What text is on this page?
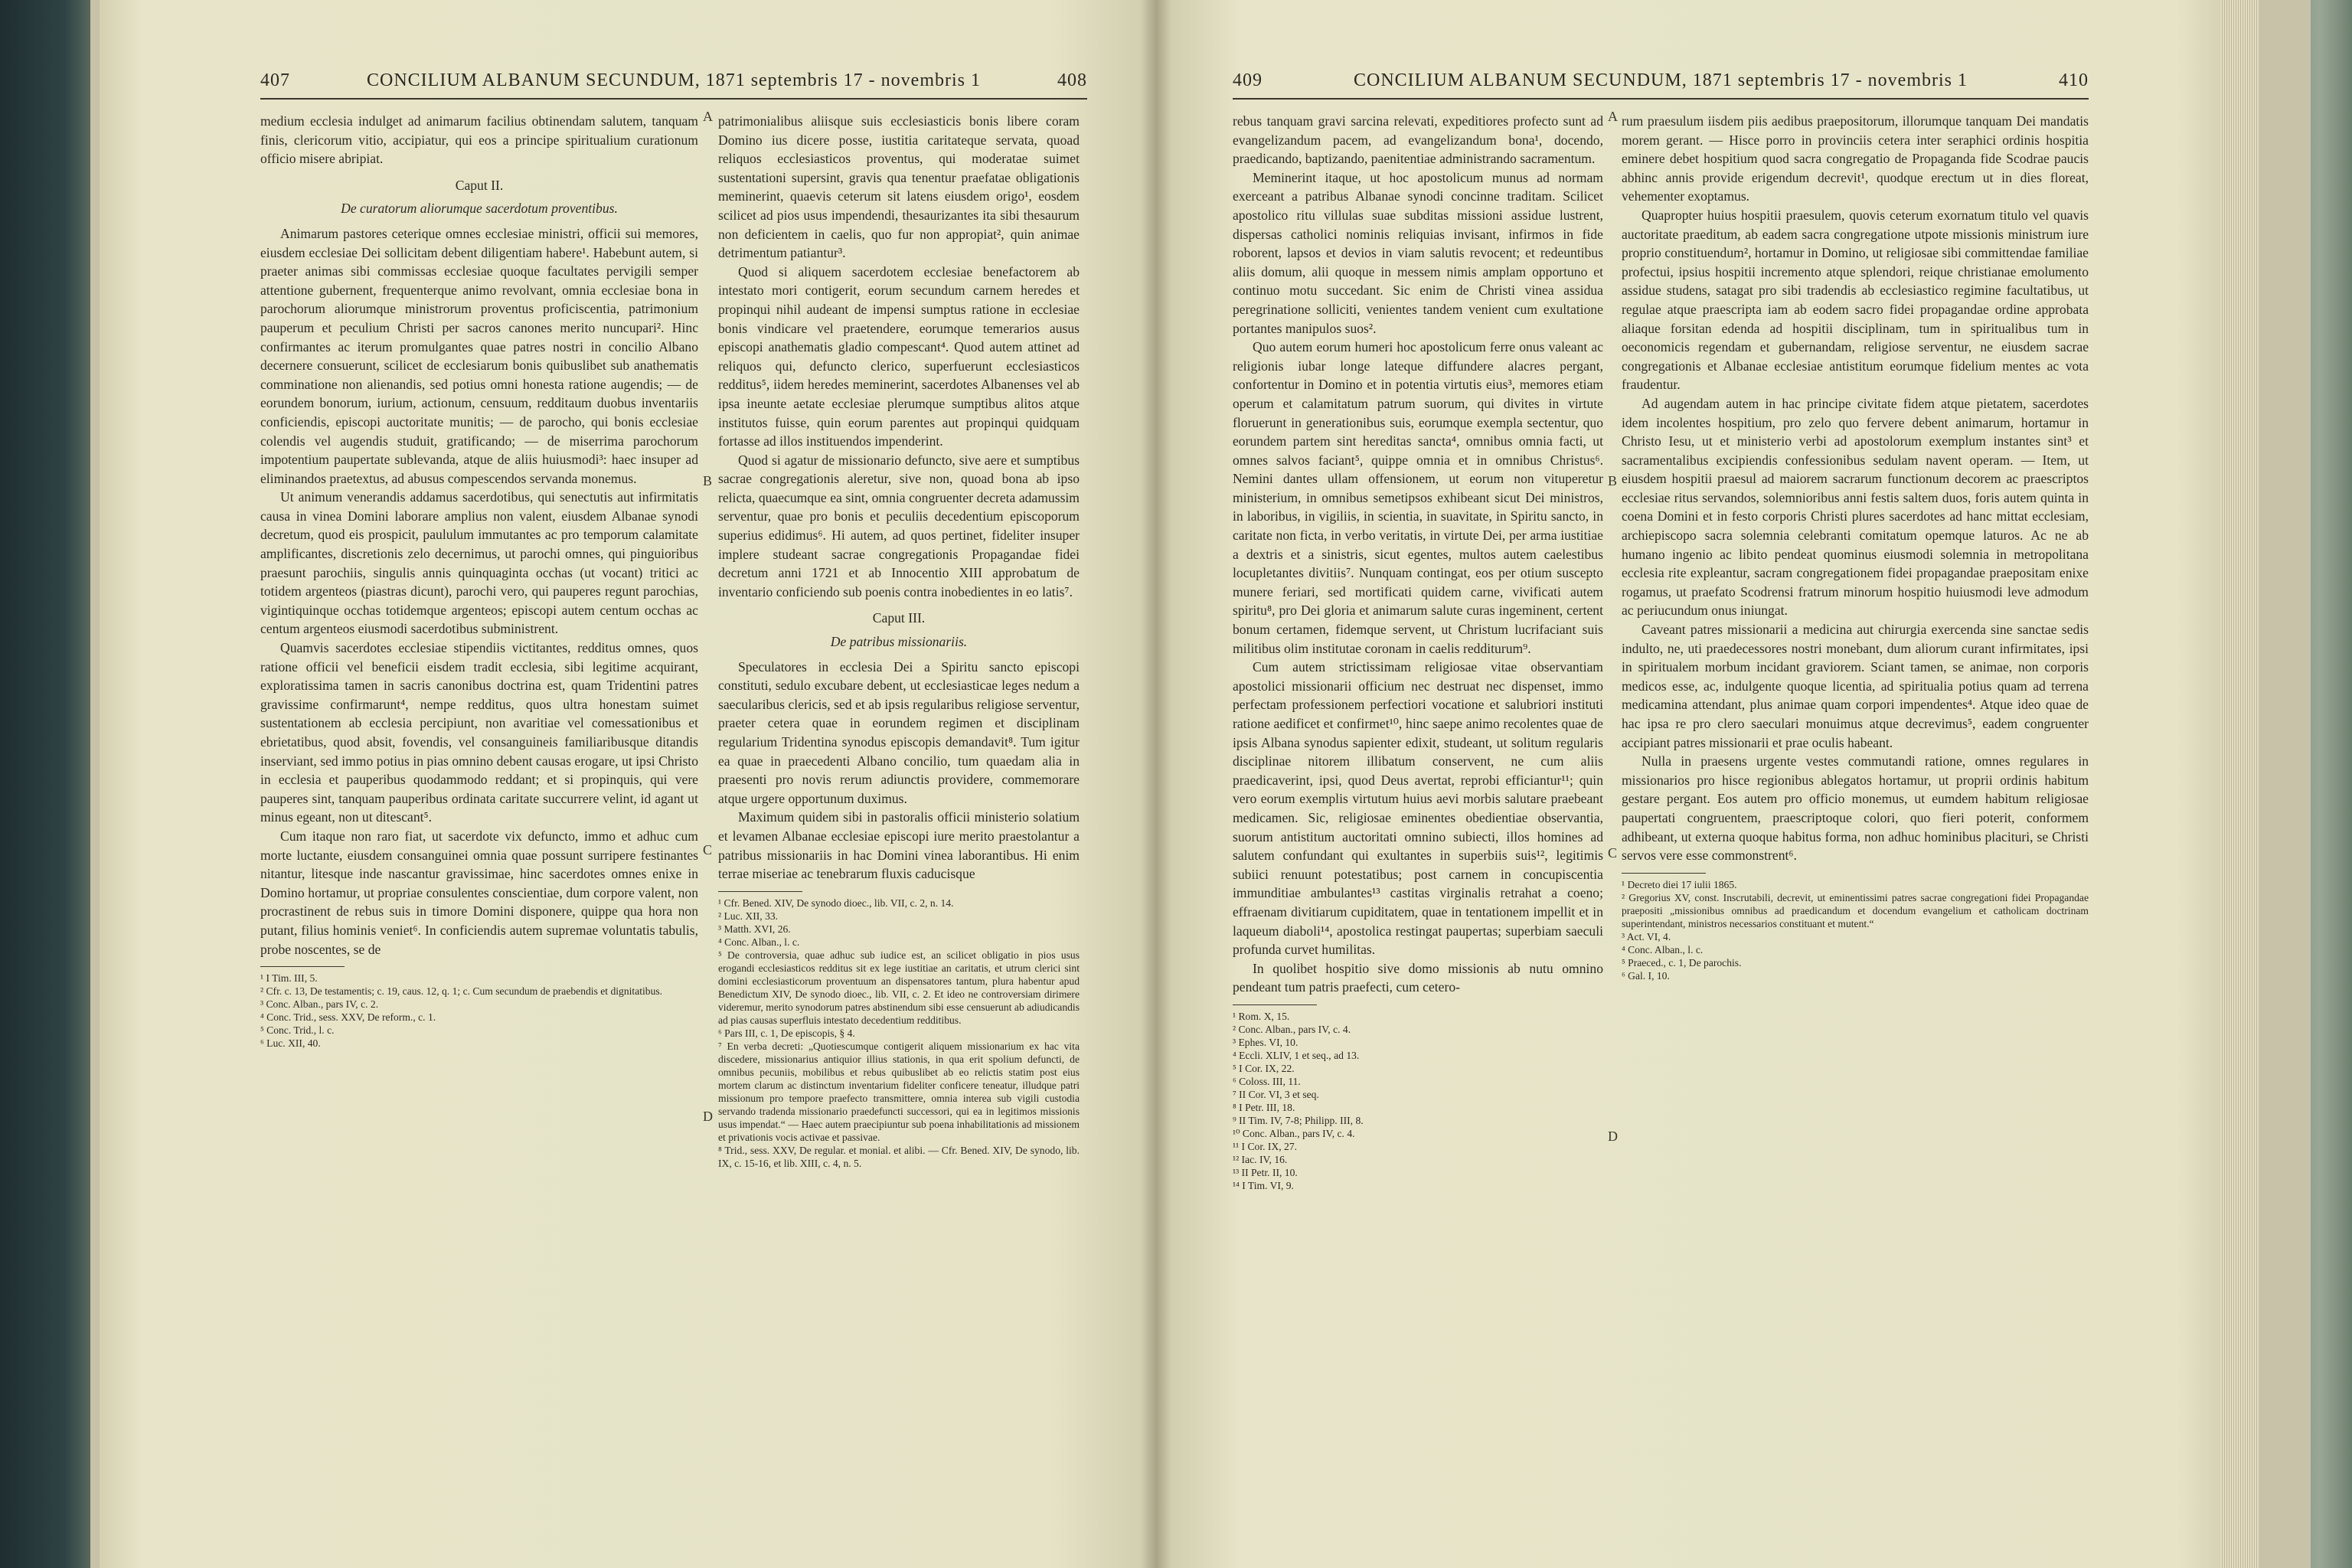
407	CONCILIUM ALBANUM SECUNDUM, 1871 septembris 17 - novembris 1	408

medium ecclesia indulget ad animarum facilius obtinendam salutem, tanquam finis, clericorum vitio, accipiatur, qui eos a principe spiritualium curationum officio misere abripiat.

Caput II.

De curatorum aliorumque sacerdotum proventibus.

Animarum pastores ceterique omnes ecclesiae ministri, officii sui memores, eiusdem ecclesiae Dei sollicitam debent diligentiam habere¹. Habebunt autem, si praeter animas sibi commissas ecclesiae quoque facultates pervigili semper attentione gubernent, frequenterque animo revolvant, omnia ecclesiae bona in parochorum aliorumque ministrorum proventus proficiscentia, patrimonium pauperum et peculium Christi per sacros canones merito nuncupari². Hinc confirmantes ac iterum promulgantes quae patres nostri in concilio Albano decernere consuerunt, scilicet de ecclesiarum bonis quibuslibet sub anathematis comminatione non alienandis, sed potius omni honesta ratione augendis; — de eorundem bonorum, iurium, actionum, censuum, redditaum duobus inventariis conficiendis, episcopi auctoritate munitis; — de parocho, qui bonis ecclesiae colendis vel augendis studuit, gratificando; — de miserrima parochorum impotentium paupertate sublevanda, atque de aliis huiusmodi³: haec insuper ad eliminandos praetextus, ad abusus compescendos servanda monemus.

Ut animum venerandis addamus sacerdotibus, qui senectutis aut infirmitatis causa in vinea Domini laborare amplius non valent, eiusdem Albanae synodi decretum, quod eis prospicit, paululum immutantes ac pro temporum calamitate amplificantes, discretionis zelo decernimus, ut parochi omnes, qui pinguioribus praesunt parochiis, singulis annis quinquaginta occhas (ut vocant) tritici ac totidem argenteos (piastras dicunt), parochi vero, qui pauperes regunt parochias, vigintiquinque occhas totidemque argenteos; episcopi autem centum occhas ac centum argenteos eiusmodi sacerdotibus subministrent.

Quamvis sacerdotes ecclesiae stipendiis victitantes, redditus omnes, quos ratione officii vel beneficii eisdem tradit ecclesia, sibi legitime acquirant, exploratissima tamen in sacris canonibus doctrina est, quam Tridentini patres gravissime confirmarunt⁴, nempe redditus, quos ultra honestam suimet sustentationem ab ecclesia percipiunt, non avaritiae vel comessationibus et ebrietatibus, quod absit, fovendis, vel consanguineis familiaribusque ditandis inserviant, sed immo potius in pias omnino debent causas erogare, ut ipsi Christo in ecclesia et pauperibus quodammodo reddant; et si propinquis, qui vere pauperes sint, tanquam pauperibus ordinata caritate succurrere velint, id agant ut minus egeant, non ut ditescant⁵.

Cum itaque non raro fiat, ut sacerdote vix defuncto, immo et adhuc cum morte luctante, eiusdem consanguinei omnia quae possunt surripere festinantes nitantur, litesque inde nascantur gravissimae, hinc sacerdotes omnes enixe in Domino hortamur, ut propriae consulentes conscientiae, dum corpore valent, non procrastinent de rebus suis in timore Domini disponere, quippe qua hora non putant, filius hominis veniet⁶. In conficiendis autem supremae voluntatis tabulis, probe noscentes, se de

¹ I Tim. III, 5.
² Cfr. c. 13, De testamentis; c. 19, caus. 12, q. 1; c. Cum secundum de praebendis et dignitatibus.
³ Conc. Alban., pars IV, c. 2.
⁴ Conc. Trid., sess. XXV, De reform., c. 1.
⁵ Conc. Trid., l. c.
⁶ Luc. XII, 40.

patrimonialibus aliisque suis ecclesiasticis bonis libere coram Domino ius dicere posse, iustitia caritateque servata, quoad reliquos ecclesiasticos proventus, qui moderatae suimet sustentationi supersint, gravis qua tenentur praefatae obligationis meminerint, quaevis ceterum sit latens eiusdem origo¹, eosdem scilicet ad pios usus impendendi, thesaurizantes ita sibi thesaurum non deficientem in caelis, quo fur non appropiat², quin animae detrimentum patiantur³.

Quod si aliquem sacerdotem ecclesiae benefactorem ab intestato mori contigerit, eorum secundum carnem heredes et propinqui nihil audeant de impensi sumptus ratione in ecclesiae bonis vindicare vel praetendere, eorumque temerarios ausus episcopi anathematis gladio compescant⁴. Quod autem attinet ad reliquos qui, defuncto clerico, superfuerunt ecclesiasticos redditus⁵, iidem heredes meminerint, sacerdotes Albanenses vel ab ipsa ineunte aetate ecclesiae plerumque sumptibus alitos atque institutos fuisse, quin eorum parentes aut propinqui quidquam fortasse ad illos instituendos impenderint.

Quod si agatur de missionario defuncto, sive aere et sumptibus sacrae congregationis aleretur, sive non, quoad bona ab ipso relicta, quaecumque ea sint, omnia congruenter decreta adamussim serventur, quae pro bonis et peculiis decedentium episcoporum superius edidimus⁶. Hi autem, ad quos pertinet, fideliter insuper implere studeant sacrae congregationis Propagandae fidei decretum anni 1721 et ab Innocentio XIII approbatum de inventario conficiendo sub poenis contra inobedientes in eo latis⁷.

Caput III.

De patribus missionariis.

Speculatores in ecclesia Dei a Spiritu sancto episcopi constituti, sedulo excubare debent, ut ecclesiasticae leges nedum a saecularibus clericis, sed et ab ipsis regularibus religiose serventur, praeter cetera quae in eorundem regimen et disciplinam regularium Tridentina synodus episcopis demandavit⁸. Tum igitur ea quae in praecedenti Albano concilio, tum quaedam alia in praesenti pro novis rerum adiunctis providere, commemorare atque urgere opportunum duximus.

Maximum quidem sibi in pastoralis officii ministerio solatium et levamen Albanae ecclesiae episcopi iure merito praestolantur a patribus missionariis in hac Domini vinea laborantibus. Hi enim terrae miseriae ac tenebrarum fluxis caducisque

¹ Cfr. Bened. XIV, De synodo dioec., lib. VII, c. 2, n. 14.
² Luc. XII, 33.
³ Matth. XVI, 26.
⁴ Conc. Alban., l. c.
⁵ De controversia, quae adhuc sub iudice est, an scilicet obligatio in pios usus erogandi ecclesiasticos redditus sit ex lege iustitiae an caritatis, et utrum clerici sint domini ecclesiasticorum proventuum an dispensatores tantum, plura habentur apud Benedictum XIV, De synodo dioec., lib. VII, c. 2. Et ideo ne controversiam dirimere videremur, merito synodorum patres abstinendum sibi esse censuerunt ab adiudicandis ad pias causas superfluis intestato decedentium redditibus.
⁶ Pars III, c. 1, De episcopis, § 4.
⁷ En verba decreti: „Quotiescumque contigerit aliquem missionarium ex hac vita discedere, missionarius antiquior illius stationis, in qua erit spolium defuncti, de omnibus pecuniis, mobilibus et rebus quibuslibet ab eo relictis statim post eius mortem clarum ac distinctum inventarium fideliter conficere teneatur, illudque patri missionum pro tempore praefecto transmittere, omnia interea sub vigili custodia servando tradenda missionario praedefuncti successori, qui ea in legitimos missionis usus impendat.“ — Haec autem praecipiuntur sub poena inhabilitationis ad missionem et privationis vocis activae et passivae.
⁸ Trid., sess. XXV, De regular. et monial. et alibi. — Cfr. Bened. XIV, De synodo, lib. IX, c. 15-16, et lib. XIII, c. 4, n. 5.
A
B
C
D
409	CONCILIUM ALBANUM SECUNDUM, 1871 septembris 17 - novembris 1	410

rebus tanquam gravi sarcina relevati, expeditiores profecto sunt ad evangelizandum pacem, ad evangelizandum bona¹, docendo, praedicando, baptizando, paenitentiae administrando sacramentum.

Meminerint itaque, ut hoc apostolicum munus ad normam exerceant a patribus Albanae synodi concinne traditam. Scilicet apostolico ritu villulas suae subditas missioni assidue lustrent, dispersas catholici nominis reliquias invisant, infirmos in fide roborent, lapsos et devios in viam salutis revocent; et redeuntibus aliis domum, alii quoque in messem nimis amplam opportuno et continuo motu succedant. Sic enim de Christi vinea assidua peregrinatione solliciti, venientes tandem venient cum exultatione portantes manipulos suos².

Quo autem eorum humeri hoc apostolicum ferre onus valeant ac religionis iubar longe lateque diffundere alacres pergant, confortentur in Domino et in potentia virtutis eius³, memores etiam operum et calamitatum patrum suorum, qui divites in virtute floruerunt in generationibus suis, eorumque exempla sectentur, quo eorundem partem sint hereditas sancta⁴, omnibus omnia facti, ut omnes salvos faciant⁵, quippe omnia et in omnibus Christus⁶. Nemini dantes ullam offensionem, ut eorum non vituperetur ministerium, in omnibus semetipsos exhibeant sicut Dei ministros, in laboribus, in vigiliis, in scientia, in suavitate, in Spiritu sancto, in caritate non ficta, in verbo veritatis, in virtute Dei, per arma iustitiae a dextris et a sinistris, sicut egentes, multos autem caelestibus locupletantes divitiis⁷. Nunquam contingat, eos per otium suscepto munere feriari, sed mortificati quidem carne, vivificati autem spiritu⁸, pro Dei gloria et animarum salute curas ingeminent, certent bonum certamen, fidemque servent, ut Christum lucrifaciant suis militibus olim institutae coronam in caelis redditurum⁹.

Cum autem strictissimam religiosae vitae observantiam apostolici missionarii officium nec destruat nec dispenset, immo perfectam professionem perfectiori vocatione et salubriori instituti ratione aedificet et confirmet¹⁰, hinc saepe animo recolentes quae de ipsis Albana synodus sapienter edixit, studeant, ut solitum regularis disciplinae nitorem illibatum conservent, ne cum aliis praedicaverint, ipsi, quod Deus avertat, reprobi efficiantur¹¹; quin vero eorum exemplis virtutum huius aevi morbis salutare praebeant medicamen. Sic, religiosae eminentes obedientiae observantia, suorum antistitum auctoritati omnino subiecti, illos homines ad salutem confundant qui exultantes in superbiis suis¹², legitimis subiici renuunt potestatibus; post carnem in concupiscentia immunditiae ambulantes¹³ castitas virginalis retrahat a coeno; effraenam divitiarum cupiditatem, quae in tentationem impellit et in laqueum diaboli¹⁴, apostolica restingat paupertas; superbiam saeculi profunda curvet humilitas.

In quolibet hospitio sive domo missionis ab nutu omnino pendeant tum patris praefecti, cum cetero-

¹ Rom. X, 15.
² Conc. Alban., pars IV, c. 4.
³ Ephes. VI, 10.
⁴ Eccli. XLIV, 1 et seq., ad 13.
⁵ I Cor. IX, 22.
⁶ Coloss. III, 11.
⁷ II Cor. VI, 3 et seq.
⁸ I Petr. III, 18.
⁹ II Tim. IV, 7-8; Philipp. III, 8.
¹⁰ Conc. Alban., pars IV, c. 4.
¹¹ I Cor. IX, 27.
¹² Iac. IV, 16.
¹³ II Petr. II, 10.
¹⁴ I Tim. VI, 9.

rum praesulum iisdem piis aedibus praepositorum, illorumque tanquam Dei mandatis morem gerant. — Hisce porro in provinciis cetera inter seraphici ordinis hospitia eminere debet hospitium quod sacra congregatio de Propaganda fide Scodrae paucis abhinc annis provide erigendum decrevit¹, quodque erectum ut in dies floreat, vehementer exoptamus.

Quapropter huius hospitii praesulem, quovis ceterum exornatum titulo vel quavis auctoritate praeditum, ab eadem sacra congregatione utpote missionis ministrum iure proprio constituendum², hortamur in Domino, ut religiosae sibi committendae familiae profectui, ipsius hospitii incremento atque splendori, reique christianae emolumento assidue studens, satagat pro sibi tradendis ab ecclesiastico regimine facultatibus, ut regulae atque praescripta iam ab eodem sacro fidei propagandae ordine approbata aliaque forsitan edenda ad hospitii disciplinam, tum in spiritualibus tum in oeconomicis regendam et gubernandam, religiose serventur, ne eiusdem sacrae congregationis et Albanae ecclesiae antistitum eorumque fidelium mentes ac vota fraudentur.

Ad augendam autem in hac principe civitate fidem atque pietatem, sacerdotes idem incolentes hospitium, pro zelo quo fervere debent animarum, hortamur in Christo Iesu, ut et ministerio verbi ad apostolorum exemplum instantes sint³ et sacramentalibus excipiendis confessionibus sedulam navent operam. — Item, ut eiusdem hospitii praesul ad maiorem sacrarum functionum decorem ac praescriptos ecclesiae ritus servandos, solemnioribus anni festis saltem duos, foris autem quinta in coena Domini et in festo corporis Christi plures sacerdotes ad hanc mittat ecclesiam, archiepiscopo sacra solemnia celebranti comitatum opemque laturos. Ac ne ab humano ingenio ac libito pendeat quominus eiusmodi solemnia in metropolitana ecclesia rite expleantur, sacram congregationem fidei propagandae praepositam enixe rogamus, ut praefato Scodrensi fratrum minorum hospitio huiusmodi leve admodum ac periucundum onus iniungat.

Caveant patres missionarii a medicina aut chirurgia exercenda sine sanctae sedis indulto, ne, uti praedecessores nostri monebant, dum aliorum curant infirmitates, ipsi in spiritualem morbum incidant graviorem. Sciant tamen, se animae, non corporis medicos esse, ac, indulgente quoque licentia, ad spiritualia potius quam ad terrena medicamina attendant, plus animae quam corpori impendentes⁴. Atque ideo quae de hac ipsa re pro clero saeculari monuimus atque decrevimus⁵, eadem congruenter accipiant patres missionarii et prae oculis habeant.

Nulla in praesens urgente vestes commutandi ratione, omnes regulares in missionarios pro hisce regionibus ablegatos hortamur, ut proprii ordinis habitum gestare pergant. Eos autem pro officio monemus, ut eumdem habitum religiosae paupertati congruentem, praescriptoque colori, quo fieri poterit, conformem adhibeant, ut externa quoque habitus forma, non adhuc hominibus placituri, se Christi servos vere esse commonstrent⁶.

¹ Decreto diei 17 iulii 1865.
² Gregorius XV, const. Inscrutabili, decrevit, ut eminentissimi patres sacrae congregationi fidei Propagandae praepositi „missionibus omnibus ad praedicandum et docendum evangelium et catholicam doctrinam superintendant, ministros necessarios constituant et mutent.“
³ Act. VI, 4.
⁴ Conc. Alban., l. c.
⁵ Praeced., c. 1, De parochis.
⁶ Gal. I, 10.
A
B
C
D
